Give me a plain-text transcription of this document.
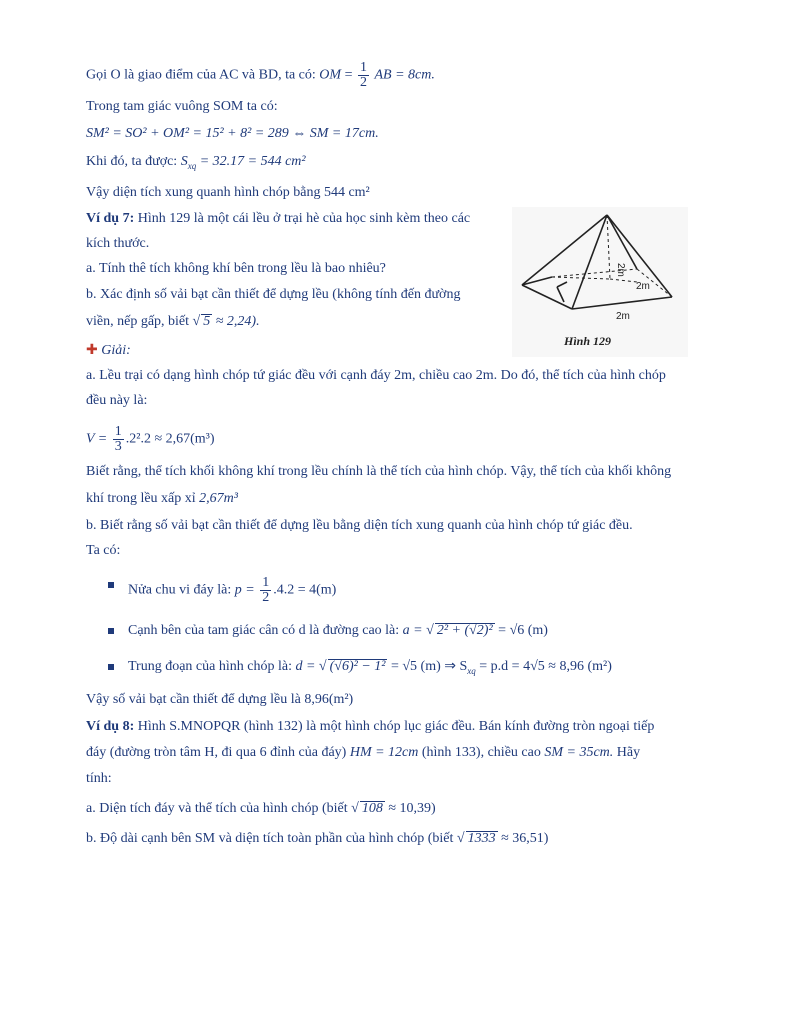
Gọi O là giao điểm của AC và BD, ta có: OM = $\frac{1}{2}$ AB = 8cm.
Trong tam giác vuông SOM ta có:
SM² = SO² + OM² = 15² + 8² = 289 ⇔ SM = 17cm.
Khi đó, ta được: $S_{xq} = 32.17 = 544$ cm²
Vậy diện tích xung quanh hình chóp bằng 544 cm²
Ví dụ 7: Hình 129 là một cái lều ở trại hè của học sinh kèm theo các
kích thước.
a. Tính thê tích không khí bên trong lều là bao nhiêu?
b. Xác định số vải bạt cần thiết để dựng lều (không tính đến đường
viền, nếp gấp, biết √ 5 ≈ 2,24).
2m
2m
2m
Hình 129
✚ Giải:
a. Lều trại có dạng hình chóp tứ giác đều với cạnh đáy 2m, chiều cao 2m. Do đó, thể tích của hình chóp
đều này là:
$V = \frac{1}{3} .2^2.2 \approx 2,67(m^3)$
Biết rằng, thể tích khối không khí trong lều chính là thể tích của hình chóp. Vậy, thể tích của khối không
khí trong lều xấp xỉ 2,67m³
b. Biết rằng số vải bạt cần thiết để dựng lều bằng diện tích xung quanh của hình chóp tứ giác đều.
Ta có:
Nửa chu vi đáy là: $p = \frac{1}{2} .4.2 = 4(m)$
Cạnh bên của tam giác cân có d là đường cao là: a = √ 2² + (√2)² = √6 (m)
Trung đoạn của hình chóp là: d = √ (√6)² − 1² = √5 (m) ⇒ $S_{xq} = p.d = 4√5 \approx 8,96$ (m²)
Vậy số vải bạt cần thiết để dựng lều là 8,96(m²)
Ví dụ 8: Hình S.MNOPQR (hình 132) là một hình chóp lục giác đều. Bán kính đường tròn ngoại tiếp
đáy (đường tròn tâm H, đi qua 6 đỉnh của đáy) HM = 12cm (hình 133), chiều cao SM = 35cm. Hãy
tính:
a. Diện tích đáy và thể tích của hình chóp (biết √ 108 ≈ 10,39)
b. Độ dài cạnh bên SM và diện tích toàn phần của hình chóp (biết √ 1333 ≈ 36,51)
